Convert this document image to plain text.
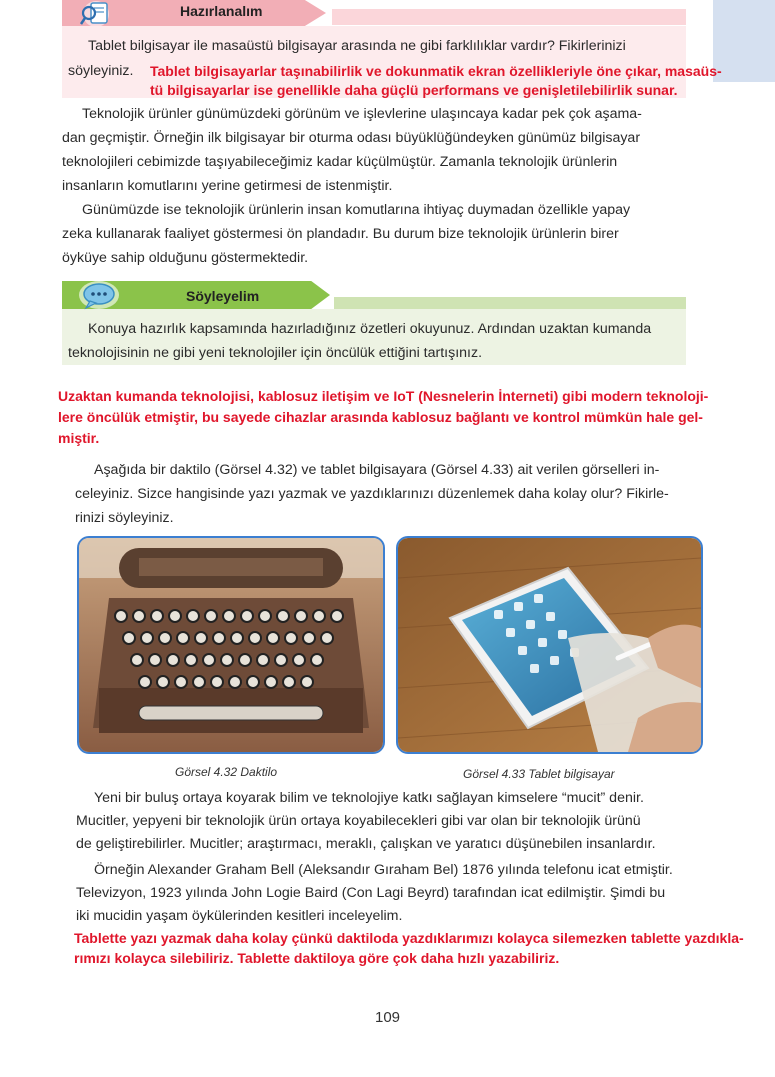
Hazırlanalım
Tablet bilgisayar ile masaüstü bilgisayar arasında ne gibi farklılıklar vardır? Fikirlerinizi
söyleyiniz. Tablet bilgisayarlar taşınabilirlik ve dokunmatik ekran özellikleriyle öne çıkar, masaüs-
tü bilgisayarlar ise genellikle daha güçlü performans ve genişletilebilirlik sunar.
Teknolojik ürünler günümüzdeki görünüm ve işlevlerine ulaşıncaya kadar pek çok aşama-
dan geçmiştir. Örneğin ilk bilgisayar bir oturma odası büyüklüğündeyken günümüz bilgisayar
teknolojileri cebimizde taşıyabileceğimiz kadar küçülmüştür. Zamanla teknolojik ürünlerin
insanların komutlarını yerine getirmesi de istenmiştir.
Günümüzde ise teknolojik ürünlerin insan komutlarına ihtiyaç duymadan özellikle yapay
zeka kullanarak faaliyet göstermesi ön plandadır. Bu durum bize teknolojik ürünlerin birer
öyküye sahip olduğunu göstermektedir.
Söyleyelim
Konuya hazırlık kapsamında hazırladığınız özetleri okuyunuz. Ardından uzaktan kumanda
teknolojisinin ne gibi yeni teknolojiler için öncülük ettiğini tartışınız.
Uzaktan kumanda teknolojisi, kablosuz iletişim ve IoT (Nesnelerin İnterneti) gibi modern teknoloji-
lere öncülük etmiştir, bu sayede cihazlar arasında kablosuz bağlantı ve kontrol mümkün hale gel-
miştir.
Aşağıda bir daktilo (Görsel 4.32) ve tablet bilgisayara (Görsel 4.33) ait verilen görselleri in-
celeyiniz. Sizce hangisinde yazı yazmak ve yazdıklarınızı düzenlemek daha kolay olur? Fikirle-
rinizi söyleyiniz.
Görsel 4.32 Daktilo	Görsel 4.33 Tablet bilgisayar
Yeni bir buluş ortaya koyarak bilim ve teknolojiye katkı sağlayan kimselere “mucit” denir.
Mucitler, yepyeni bir teknolojik ürün ortaya koyabilecekleri gibi var olan bir teknolojik ürünü
de geliştirebilirler. Mucitler; araştırmacı, meraklı, çalışkan ve yaratıcı düşünebilen insanlardır.
Örneğin Alexander Graham Bell (Aleksandır Gıraham Bel) 1876 yılında telefonu icat etmiştir.
Televizyon, 1923 yılında John Logie Baird (Con Lagi Beyrd) tarafından icat edilmiştir. Şimdi bu
iki mucidin yaşam öykülerinden kesitleri inceleyelim.
Tablette yazı yazmak daha kolay çünkü daktiloda yazdıklarımızı kolayca silemezken tablette yazdıkla-
rımızı kolayca silebiliriz. Tablette daktiloya göre çok daha hızlı yazabiliriz.
109
